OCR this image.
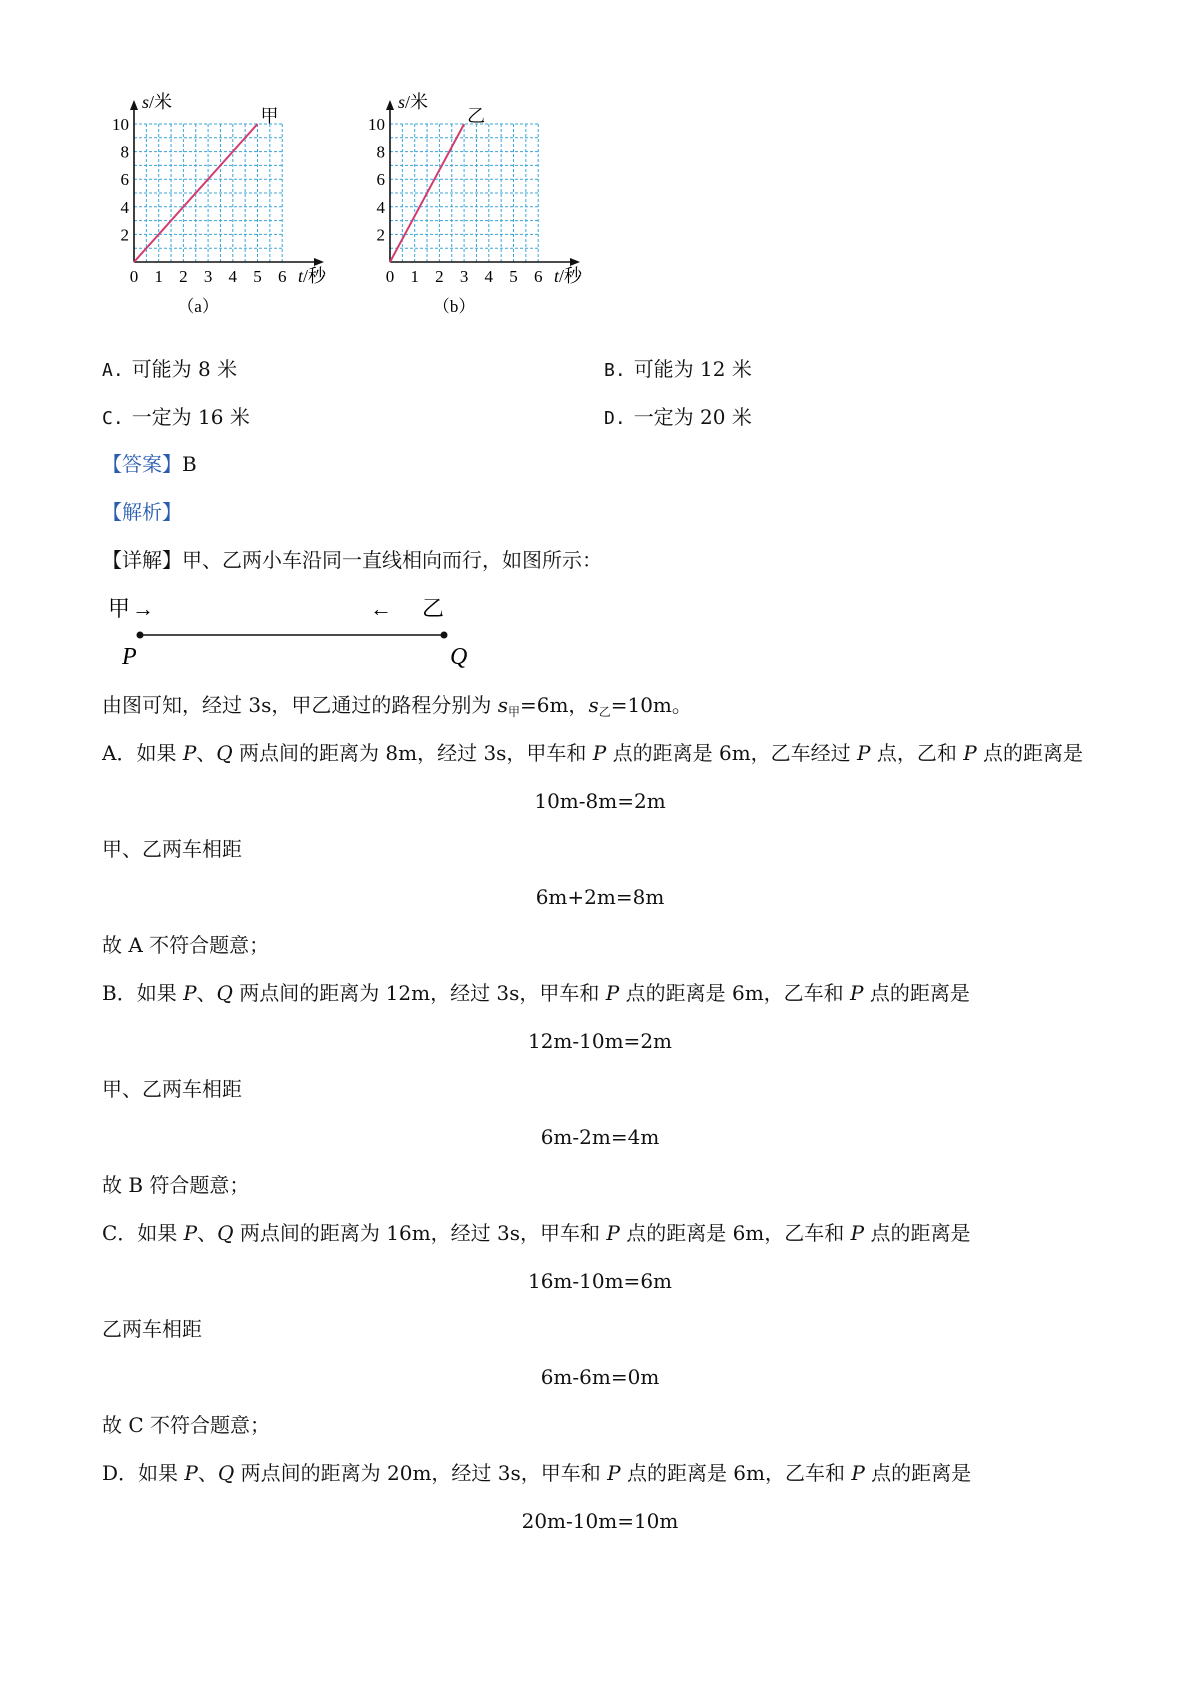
0 1 2 3 4 5 6
2
4
6
8
10
s/米
t/秒
甲
（a）
0 1 2 3 4 5 6
2
4
6
8
10
s/米
t/秒
乙
（b）
A. 可能为 8 米	B. 可能为 12 米
C. 一定为 16 米	D. 一定为 20 米
【答案】B
【解析】
【详解】甲、乙两小车沿同一直线相向而行，如图所示：
甲 →	← 乙
P	Q
由图可知，经过 3s，甲乙通过的路程分别为 $s_甲=6m$，$s_乙=10m$。
A．如果 P、Q 两点间的距离为 8m，经过 3s，甲车和 P 点的距离是 6m，乙车经过 P 点，乙和 P 点的距离是
10m-8m=2m
甲、乙两车相距
6m+2m=8m
故 A 不符合题意；
B．如果 P、Q 两点间的距离为 12m，经过 3s，甲车和 P 点的距离是 6m，乙车和 P 点的距离是
12m-10m=2m
甲、乙两车相距
6m-2m=4m
故 B 符合题意；
C．如果 P、Q 两点间的距离为 16m，经过 3s，甲车和 P 点的距离是 6m，乙车和 P 点的距离是
16m-10m=6m
乙两车相距
6m-6m=0m
故 C 不符合题意；
D．如果 P、Q 两点间的距离为 20m，经过 3s，甲车和 P 点的距离是 6m，乙车和 P 点的距离是
20m-10m=10m
